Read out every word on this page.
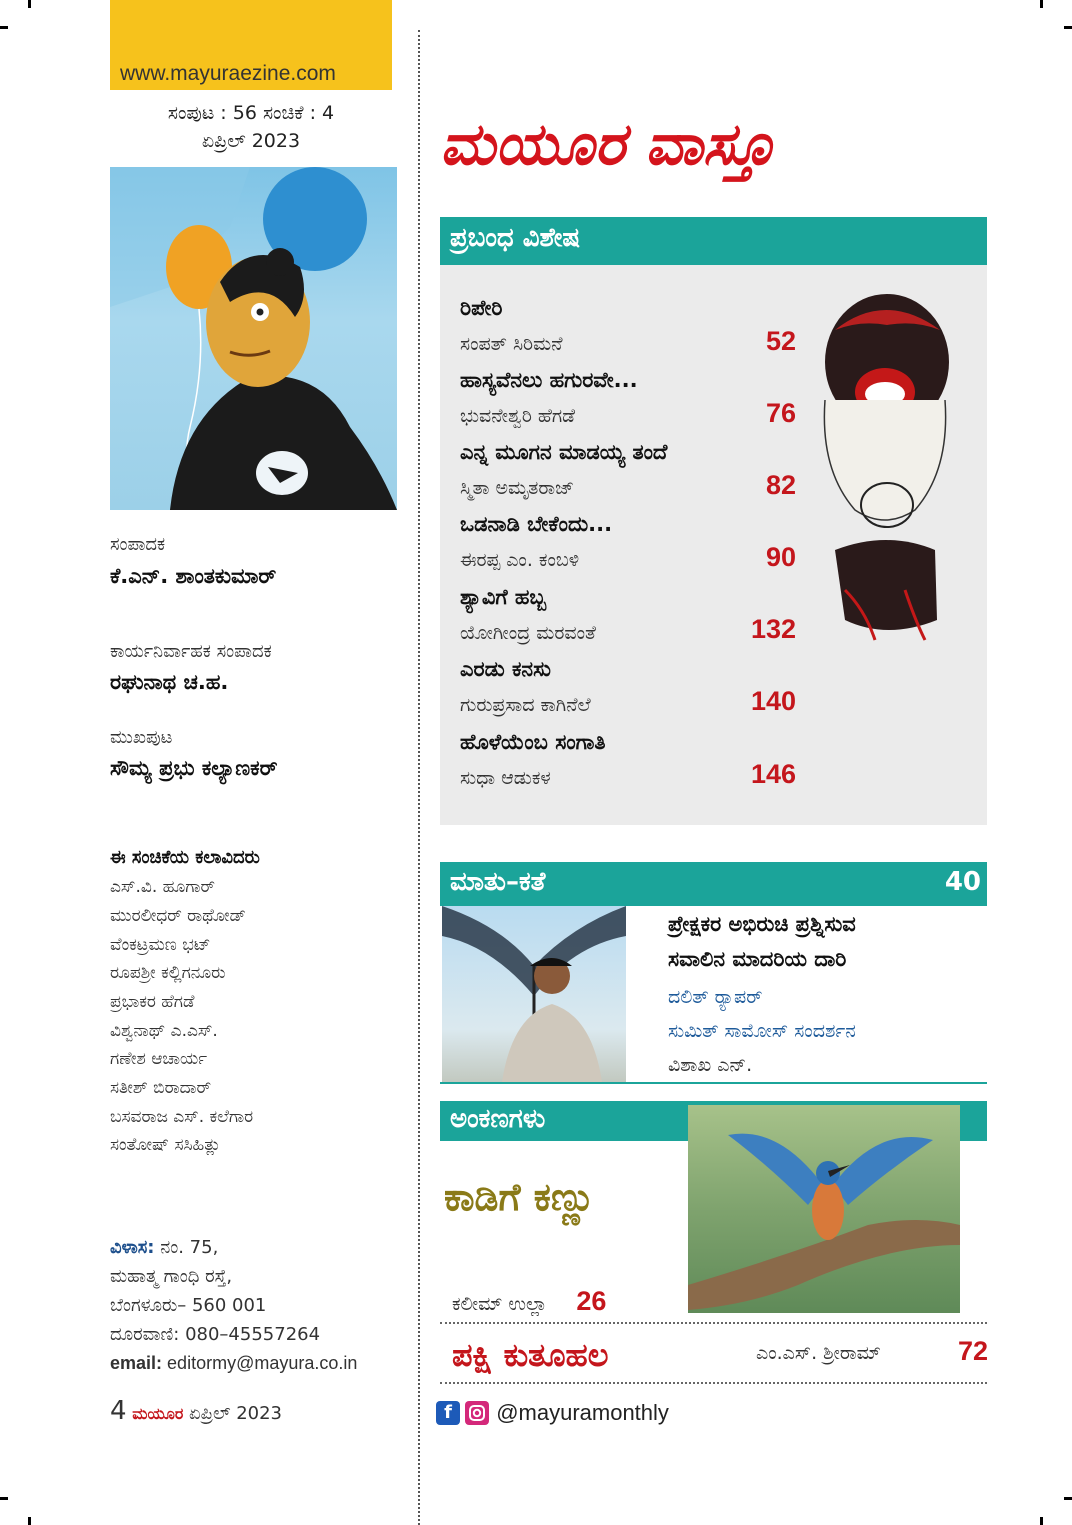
www.mayuraezine.com
ಸಂಪುಟ : 56 ಸಂಚಿಕೆ : 4
ಏಪ್ರಿಲ್ 2023
ಸಂಪಾದಕ
ಕೆ.ಎನ್. ಶಾಂತಕುಮಾರ್
ಕಾರ್ಯನಿರ್ವಾಹಕ ಸಂಪಾದಕ
ರಘುನಾಥ ಚ.ಹ.
ಮುಖಪುಟ
ಸೌಮ್ಯ ಪ್ರಭು ಕಲ್ಯಾಣಕರ್
ಈ ಸಂಚಿಕೆಯ ಕಲಾವಿದರು
ಎಸ್.ವಿ. ಹೂಗಾರ್
ಮುರಲೀಧರ್ ರಾಥೋಡ್
ವೆಂಕಟ್ರಮಣ ಭಟ್
ರೂಪಶ್ರೀ ಕಲ್ಲಿಗನೂರು
ಪ್ರಭಾಕರ ಹೆಗಡೆ
ವಿಶ್ವನಾಥ್ ಎ.ಎಸ್.
ಗಣೇಶ ಆಚಾರ್ಯ
ಸತೀಶ್ ಬಿರಾದಾರ್
ಬಸವರಾಜ ಎಸ್. ಕಲೆಗಾರ
ಸಂತೋಷ್ ಸಸಿಹಿತ್ಲು
ವಿಳಾಸ: ನಂ. 75,
ಮಹಾತ್ಮ ಗಾಂಧಿ ರಸ್ತೆ,
ಬೆಂಗಳೂರು– 560 001
ದೂರವಾಣಿ: 080–45557264
email: editormy@mayura.co.in
4 ಮಯೂರ ಏಪ್ರಿಲ್ 2023
ಮಯೂರ ವಾಸ್ತೂ
ಪ್ರಬಂಧ ವಿಶೇಷ
ರಿಪೇರಿ
ಸಂಪತ್ ಸಿರಿಮನೆ	52
ಹಾಸ್ಯವೆನಲು ಹಗುರವೇ...
ಭುವನೇಶ್ವರಿ ಹೆಗಡೆ	76
ಎನ್ನ ಮೂಗನ ಮಾಡಯ್ಯ ತಂದೆ
ಸ್ಮಿತಾ ಅಮೃತರಾಜ್	82
ಒಡನಾಡಿ ಬೇಕೆಂದು...
ಈರಪ್ಪ ಎಂ. ಕಂಬಳಿ	90
ಶ್ಯಾವಿಗೆ ಹಬ್ಬ
ಯೋಗೀಂದ್ರ ಮರವಂತೆ	132
ಎರಡು ಕನಸು
ಗುರುಪ್ರಸಾದ ಕಾಗಿನೆಲೆ	140
ಹೊಳೆಯೆಂಬ ಸಂಗಾತಿ
ಸುಧಾ ಆಡುಕಳ	146
ಮಾತು–ಕತೆ	40
ಪ್ರೇಕ್ಷಕರ ಅಭಿರುಚಿ ಪ್ರಶ್ನಿಸುವ
ಸವಾಲಿನ ಮಾದರಿಯ ದಾರಿ
ದಲಿತ್ ರ‍್ಯಾಪರ್
ಸುಮಿತ್ ಸಾಮೋಸ್ ಸಂದರ್ಶನ
ವಿಶಾಖ ಎನ್.
ಅಂಕಣಗಳು
ಕಾಡಿಗೆ ಕಣ್ಣು
ಕಲೀಮ್ ಉಲ್ಲಾ 26
ಪಕ್ಷಿ ಕುತೂಹಲ	ಎಂ.ಎಸ್. ಶ್ರೀರಾಮ್	72
f @mayuramonthly
